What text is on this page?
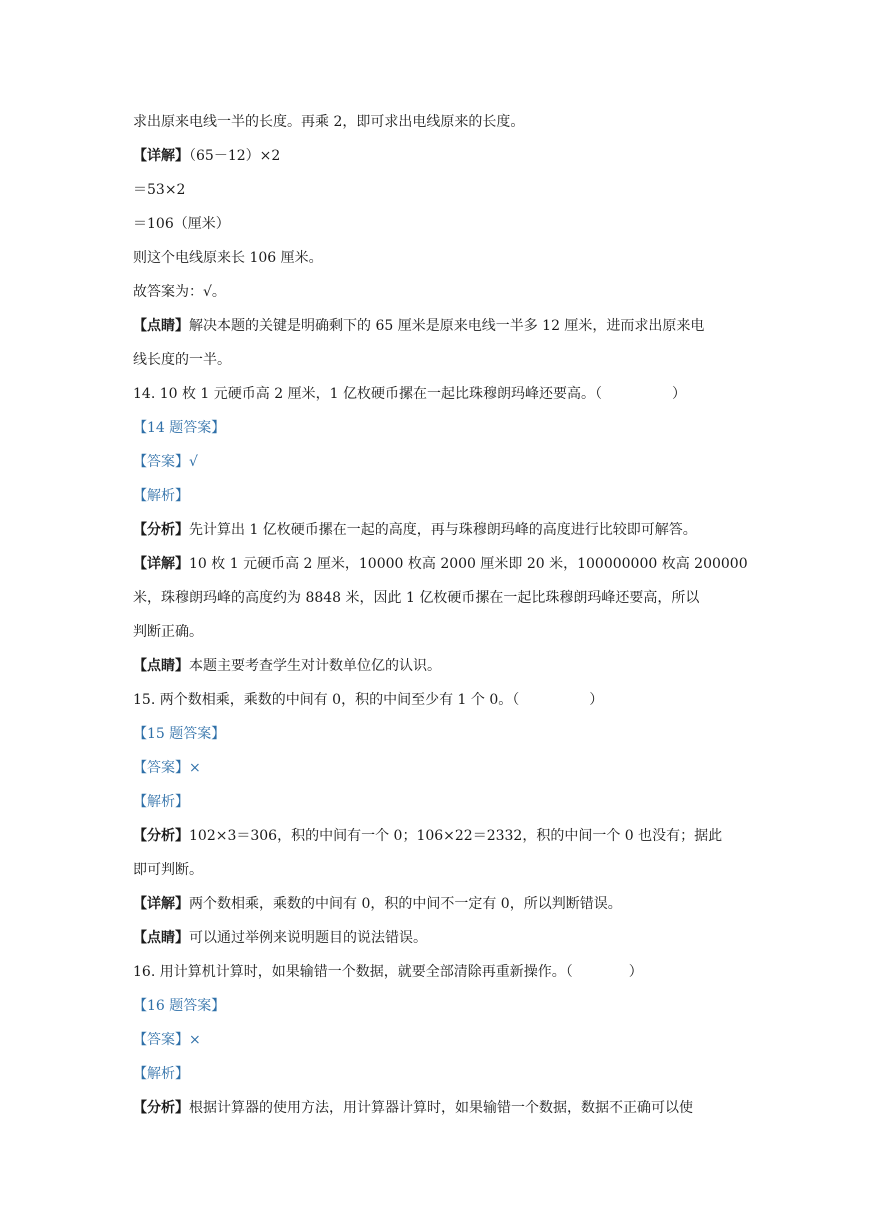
求出原来电线一半的长度。再乘 2，即可求出电线原来的长度。
【详解】（65－12）×2
＝53×2
＝106（厘米）
则这个电线原来长 106 厘米。
故答案为：√。
【点睛】解决本题的关键是明确剩下的 65 厘米是原来电线一半多 12 厘米，进而求出原来电
线长度的一半。
14. 10 枚 1 元硬币高 2 厘米，1 亿枚硬币摞在一起比珠穆朗玛峰还要高。（　　　　　）
【14 题答案】
【答案】√
【解析】
【分析】先计算出 1 亿枚硬币摞在一起的高度，再与珠穆朗玛峰的高度进行比较即可解答。
【详解】10 枚 1 元硬币高 2 厘米，10000 枚高 2000 厘米即 20 米，100000000 枚高 200000
米，珠穆朗玛峰的高度约为 8848 米，因此 1 亿枚硬币摞在一起比珠穆朗玛峰还要高，所以
判断正确。
【点睛】本题主要考查学生对计数单位亿的认识。
15. 两个数相乘，乘数的中间有 0，积的中间至少有 1 个 0。（　　　　　）
【15 题答案】
【答案】×
【解析】
【分析】102×3＝306，积的中间有一个 0；106×22＝2332，积的中间一个 0 也没有；据此
即可判断。
【详解】两个数相乘，乘数的中间有 0，积的中间不一定有 0，所以判断错误。
【点睛】可以通过举例来说明题目的说法错误。
16. 用计算机计算时，如果输错一个数据，就要全部清除再重新操作。（　　　　）
【16 题答案】
【答案】×
【解析】
【分析】根据计算器的使用方法，用计算器计算时，如果输错一个数据，数据不正确可以使
